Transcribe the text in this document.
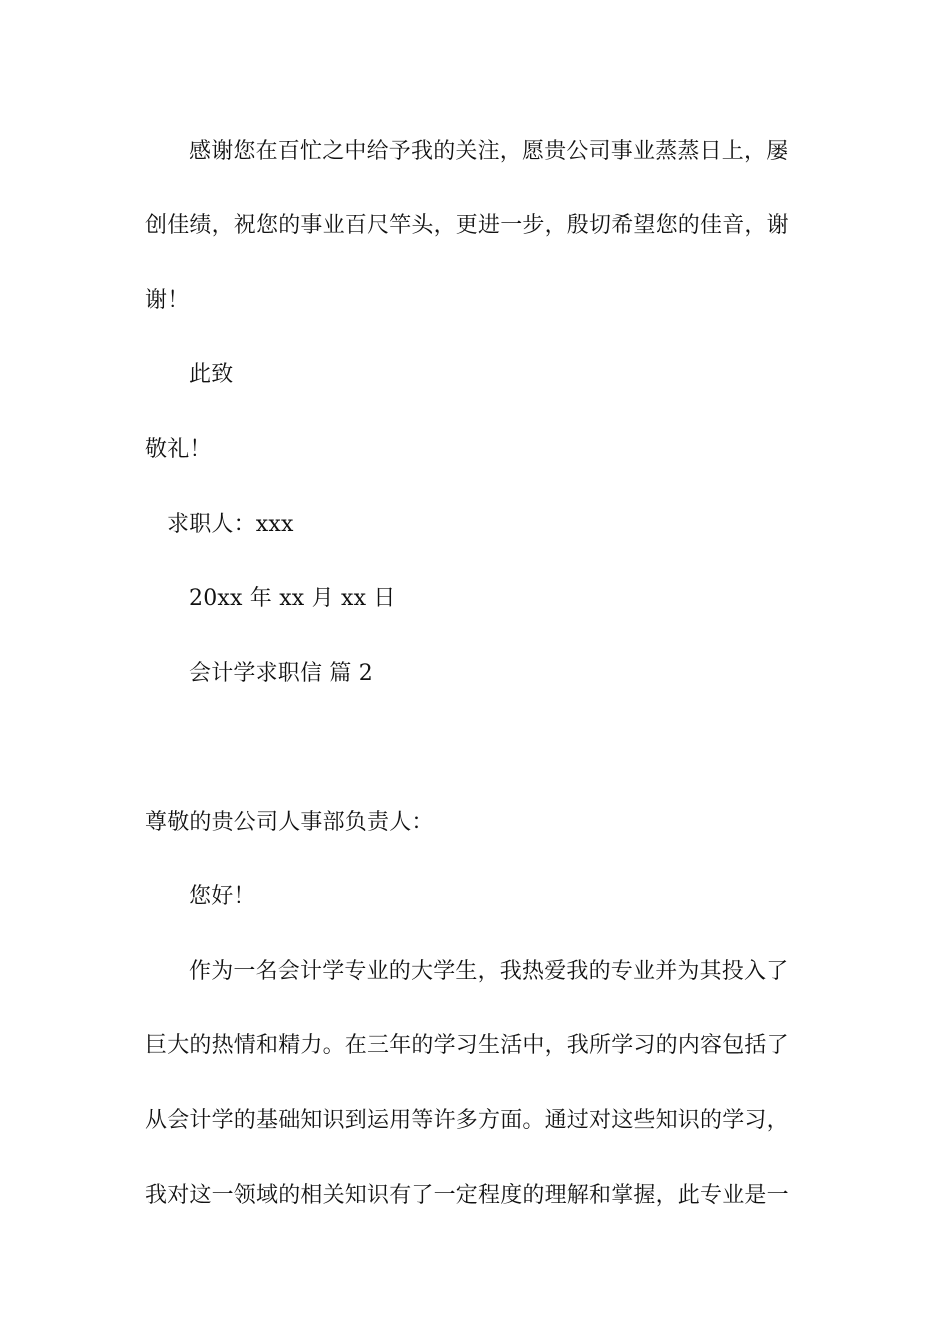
感谢您在百忙之中给予我的关注，愿贵公司事业蒸蒸日上，屡
创佳绩，祝您的事业百尺竿头，更进一步，殷切希望您的佳音，谢
谢！
此致
敬礼！
求职人：xxx
20xx 年 xx 月 xx 日
会计学求职信 篇 2
尊敬的贵公司人事部负责人：
您好！
作为一名会计学专业的大学生，我热爱我的专业并为其投入了
巨大的热情和精力。在三年的学习生活中，我所学习的内容包括了
从会计学的基础知识到运用等许多方面。通过对这些知识的学习，
我对这一领域的相关知识有了一定程度的理解和掌握，此专业是一
